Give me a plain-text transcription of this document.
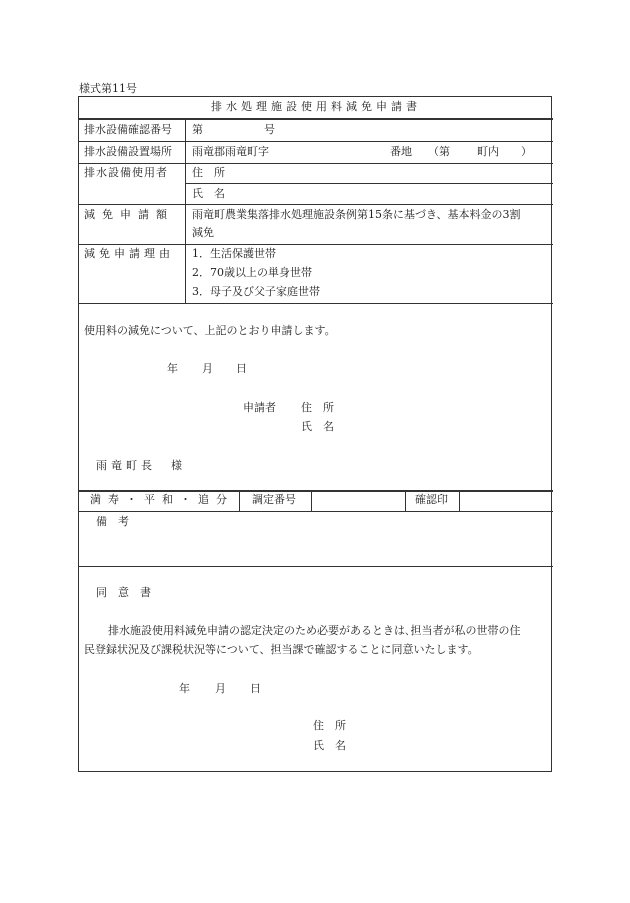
様式第11号
排水処理施設使用料減免申請書
排水設備確認番号 第	号
排水設備設置場所 雨竜郡雨竜町字	番地 （第 町内　　）
排水設備使用者 住　所
氏　名
減免申請額 雨竜町農業集落排水処理施設条例第15条に基づき、基本料金の3割
減免
減免申請理由 1．生活保護世帯
2．70歳以上の単身世帯
3．母子及び父子家庭世帯
使用料の減免について、上記のとおり申請します。
年 月 日
申請者 住　所
氏　名
雨竜町長　様
満寿・平和・追分 調定番号	確認印
備　考
同　意　書
排水施設使用料減免申請の認定決定のため必要があるときは､担当者が私の世帯の住
民登録状況及び課税状況等について、担当課で確認することに同意いたします。
年 月 日
住　所
氏　名
